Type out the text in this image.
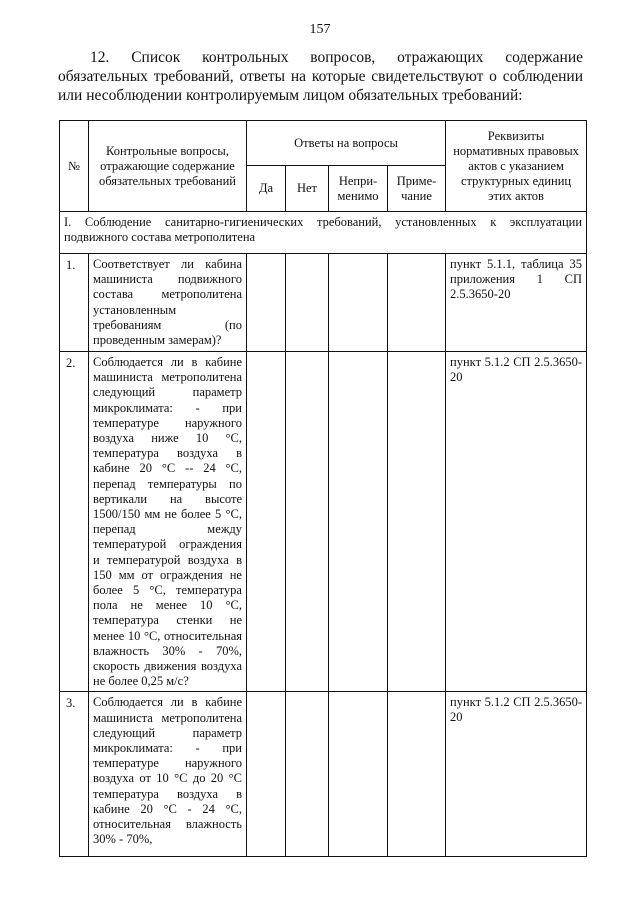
157
12. Список контрольных вопросов, отражающих содержание обязательных требований, ответы на которые свидетельствуют о соблюдении или несоблюдении контролируемым лицом обязательных требований:
№	Контрольные вопросы, отражающие содержание обязательных требований	Ответы на вопросы				Реквизиты нормативных правовых актов с указанием структурных единиц этих актов
		Да	Нет	Непри-менимо	Приме-чание	
I. Соблюдение санитарно-гигиенических требований, установленных к эксплуатации подвижного состава метрополитена						
1.	Соответствует ли кабина машиниста подвижного состава метрополитена установленным требованиям (по проведенным замерам)?					пункт 5.1.1, таблица 35 приложения 1 СП 2.5.3650-20
2.	Соблюдается ли в кабине машиниста метрополитена следующий параметр микроклимата: - при температуре наружного воздуха ниже 10 °С, температура воздуха в кабине 20 °С -- 24 °С, перепад температуры по вертикали на высоте 1500/150 мм не более 5 °С, перепад между температурой ограждения и температурой воздуха в 150 мм от ограждения не более 5 °С, температура пола не менее 10 °С, температура стенки не менее 10 °С, относительная влажность 30% - 70%, скорость движения воздуха не более 0,25 м/с?					пункт 5.1.2 СП 2.5.3650-20
3.	Соблюдается ли в кабине машиниста метрополитена следующий параметр микроклимата: - при температуре наружного воздуха от 10 °С до 20 °С температура воздуха в кабине 20 °С - 24 °С, относительная влажность 30% - 70%,					пункт 5.1.2 СП 2.5.3650-20
